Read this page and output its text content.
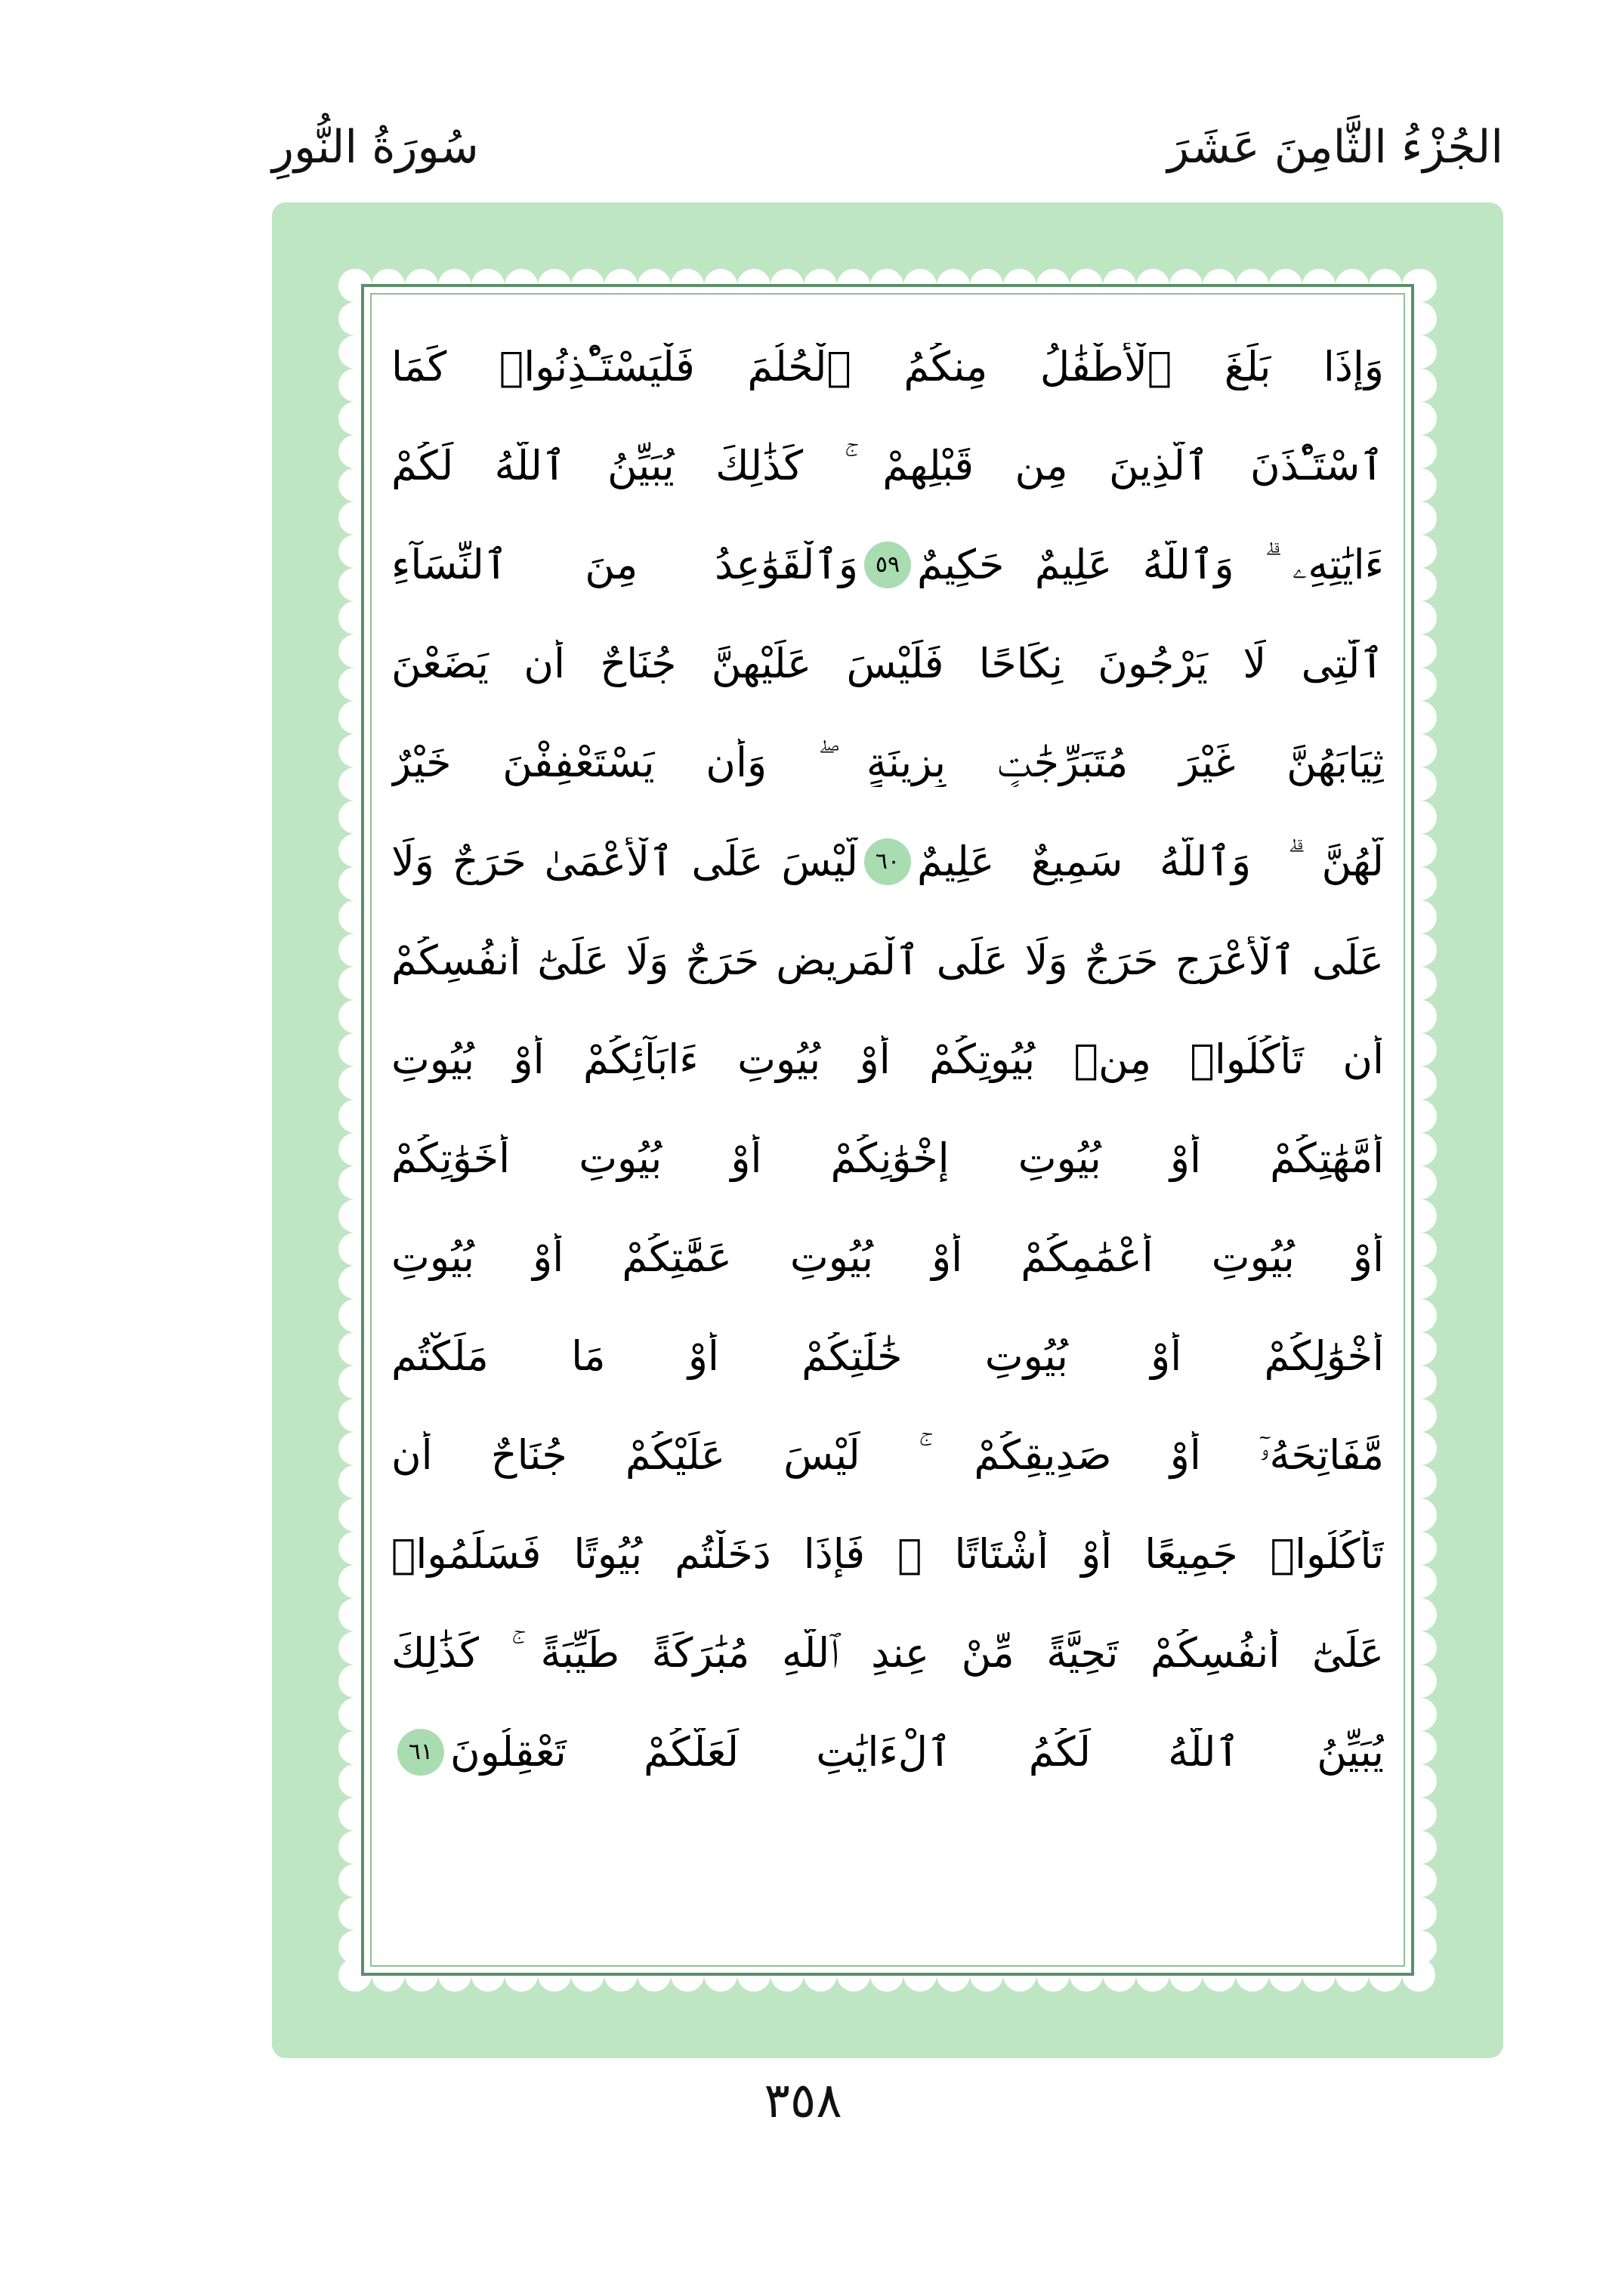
الجُزْءُ الثَّامِنَ عَشَرَ
سُورَةُ النُّورِ
وَإِذَا بَلَغَ ٱلْأَطْفَٰلُ مِنكُمُ ٱلْحُلُمَ فَلْيَسْتَـْٔذِنُوا۟ كَمَا
ٱسْتَـْٔذَنَ ٱلَّذِينَ مِن قَبْلِهِمْ ۚ كَذَٰلِكَ يُبَيِّنُ ٱللَّهُ لَكُمْ
ءَايَٰتِهِۦ ۗ وَٱللَّهُ عَلِيمٌ حَكِيمٌ
٥٩
وَٱلْقَوَٰعِدُ مِنَ ٱلنِّسَآءِ
ٱلَّٰتِى لَا يَرْجُونَ نِكَاحًا فَلَيْسَ عَلَيْهِنَّ جُنَاحٌ أَن يَضَعْنَ
ثِيَابَهُنَّ غَيْرَ مُتَبَرِّجَٰتٍۭ بِزِينَةٍ ۖ وَأَن يَسْتَعْفِفْنَ خَيْرٌ
لَّهُنَّ ۗ وَٱللَّهُ سَمِيعٌ عَلِيمٌ
٦٠
لَّيْسَ عَلَى ٱلْأَعْمَىٰ حَرَجٌ وَلَا
عَلَى ٱلْأَعْرَجِ حَرَجٌ وَلَا عَلَى ٱلْمَرِيضِ حَرَجٌ وَلَا عَلَىٰٓ أَنفُسِكُمْ
أَن تَأْكُلُوا۟ مِنۢ بُيُوتِكُمْ أَوْ بُيُوتِ ءَابَآئِكُمْ أَوْ بُيُوتِ
أُمَّهَٰتِكُمْ أَوْ بُيُوتِ إِخْوَٰنِكُمْ أَوْ بُيُوتِ أَخَوَٰتِكُمْ
أَوْ بُيُوتِ أَعْمَٰمِكُمْ أَوْ بُيُوتِ عَمَّٰتِكُمْ أَوْ بُيُوتِ
أَخْوَٰلِكُمْ أَوْ بُيُوتِ خَٰلَٰتِكُمْ أَوْ مَا مَلَكْتُم
مَّفَاتِحَهُۥٓ أَوْ صَدِيقِكُمْ ۚ لَيْسَ عَلَيْكُمْ جُنَاحٌ أَن
تَأْكُلُوا۟ جَمِيعًا أَوْ أَشْتَاتًا ۚ فَإِذَا دَخَلْتُم بُيُوتًا فَسَلِّمُوا۟
عَلَىٰٓ أَنفُسِكُمْ تَحِيَّةً مِّنْ عِندِ ٱللَّهِ مُبَٰرَكَةً طَيِّبَةً ۚ كَذَٰلِكَ
يُبَيِّنُ ٱللَّهُ لَكُمُ ٱلْءَايَٰتِ لَعَلَّكُمْ تَعْقِلُونَ
٦١
٣٥٨
